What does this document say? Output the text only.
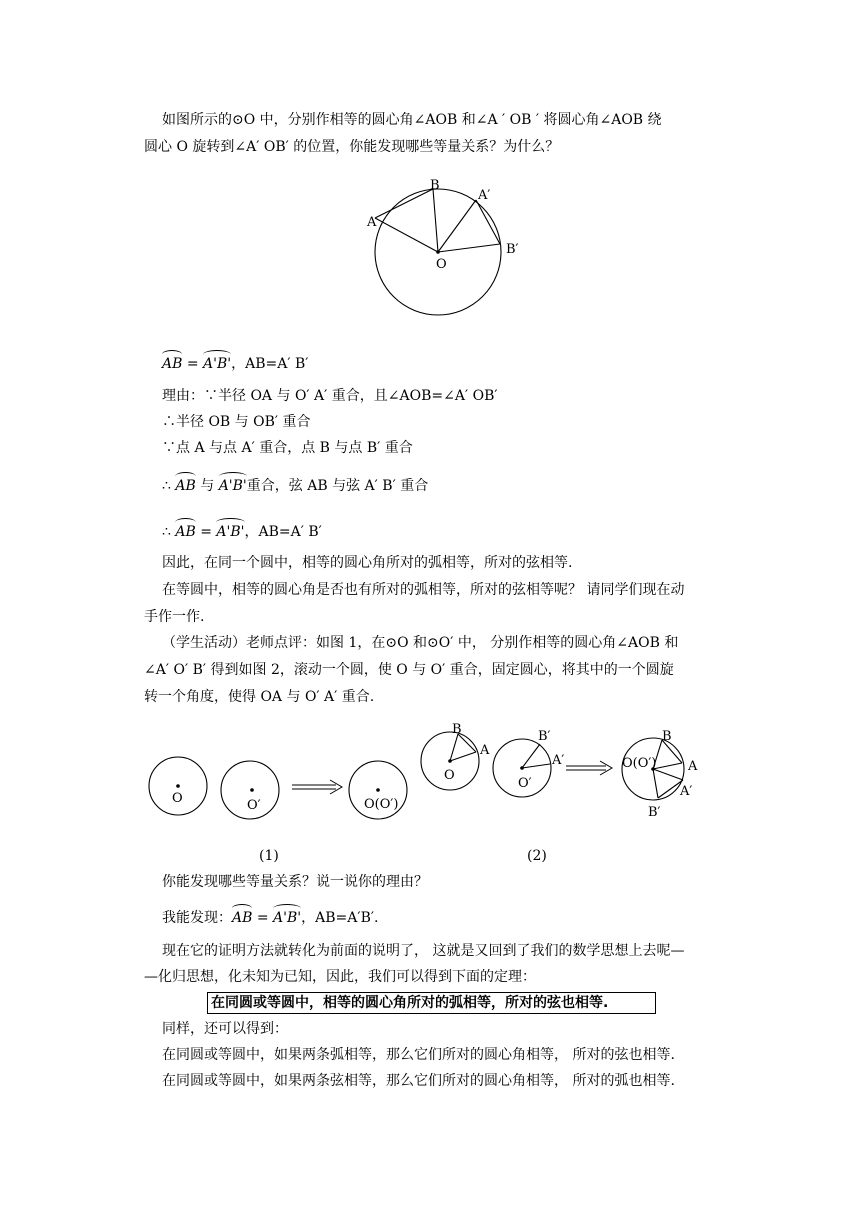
如图所示的⊙O 中，分别作相等的圆心角∠AOB 和∠A ′ OB ′ 将圆心角∠AOB 绕
圆心 O 旋转到∠A′ OB′ 的位置，你能发现哪些等量关系？为什么？
B
A′
A
B′
O
AB = A'B'，AB=A′ B′
理由：∵半径 OA 与 O′ A′ 重合，且∠AOB=∠A′ OB′
∴半径 OB 与 OB′ 重合
∵点 A 与点 A′ 重合，点 B 与点 B′ 重合
∴ AB 与 A'B'重合，弦 AB 与弦 A′ B′ 重合
∴ AB = A'B'，AB=A′ B′
因此，在同一个圆中，相等的圆心角所对的弧相等，所对的弦相等.
在等圆中，相等的圆心角是否也有所对的弧相等，所对的弦相等呢？ 请同学们现在动
手作一作.
（学生活动）老师点评：如图 1，在⊙O 和⊙O′ 中， 分别作相等的圆心角∠AOB 和
∠A′ O′ B′ 得到如图 2，滚动一个圆，使 O 与 O′ 重合，固定圆心，将其中的一个圆旋
转一个角度，使得 OA 与 O′ A′ 重合.
O	O′	O(O′)
B
A
O
B′
A′
O′
O(O′)
B
A
A′
B′
(1)	(2)
你能发现哪些等量关系？说一说你的理由？
我能发现：AB = A'B'，AB=A′B′.
现在它的证明方法就转化为前面的说明了， 这就是又回到了我们的数学思想上去呢—
—化归思想，化未知为已知，因此，我们可以得到下面的定理：
在同圆或等圆中，相等的圆心角所对的弧相等，所对的弦也相等.
同样，还可以得到：
在同圆或等圆中，如果两条弧相等，那么它们所对的圆心角相等， 所对的弦也相等.
在同圆或等圆中，如果两条弦相等，那么它们所对的圆心角相等， 所对的弧也相等.
